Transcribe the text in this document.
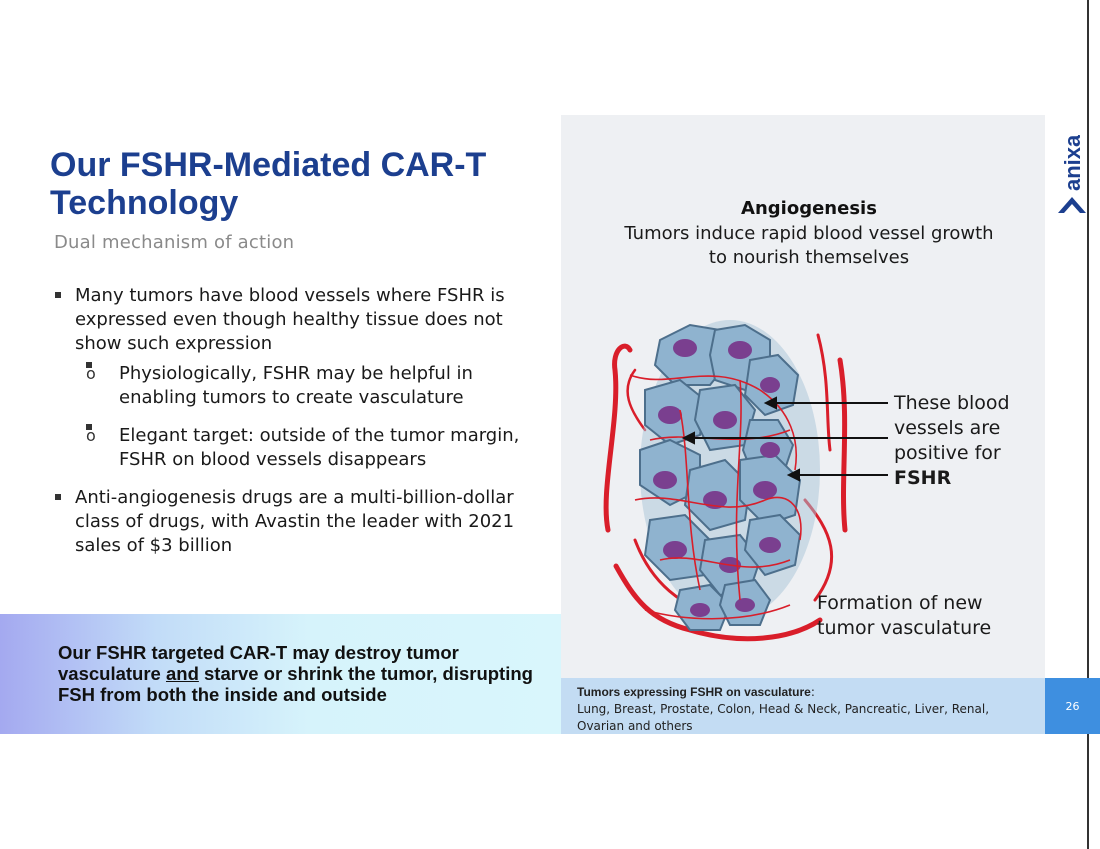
Our FSHR-Mediated CAR-T
Technology
Dual mechanism of action
Many tumors have blood vessels where FSHR is expressed even though healthy tissue does not show such expression
o Physiologically, FSHR may be helpful in enabling tumors to create vasculature
o Elegant target: outside of the tumor margin, FSHR on blood vessels disappears
Anti-angiogenesis drugs are a multi-billion-dollar class of drugs, with Avastin the leader with 2021 sales of $3 billion
Our FSHR targeted CAR-T may destroy tumor vasculature and starve or shrink the tumor, disrupting FSH from both the inside and outside
Angiogenesis
Tumors induce rapid blood vessel growth to nourish themselves
These blood vessels are positive for
FSHR
Formation of new tumor vasculature
Tumors expressing FSHR on vasculature:
Lung, Breast, Prostate, Colon, Head & Neck, Pancreatic, Liver, Renal, Ovarian and others
26
anixa
